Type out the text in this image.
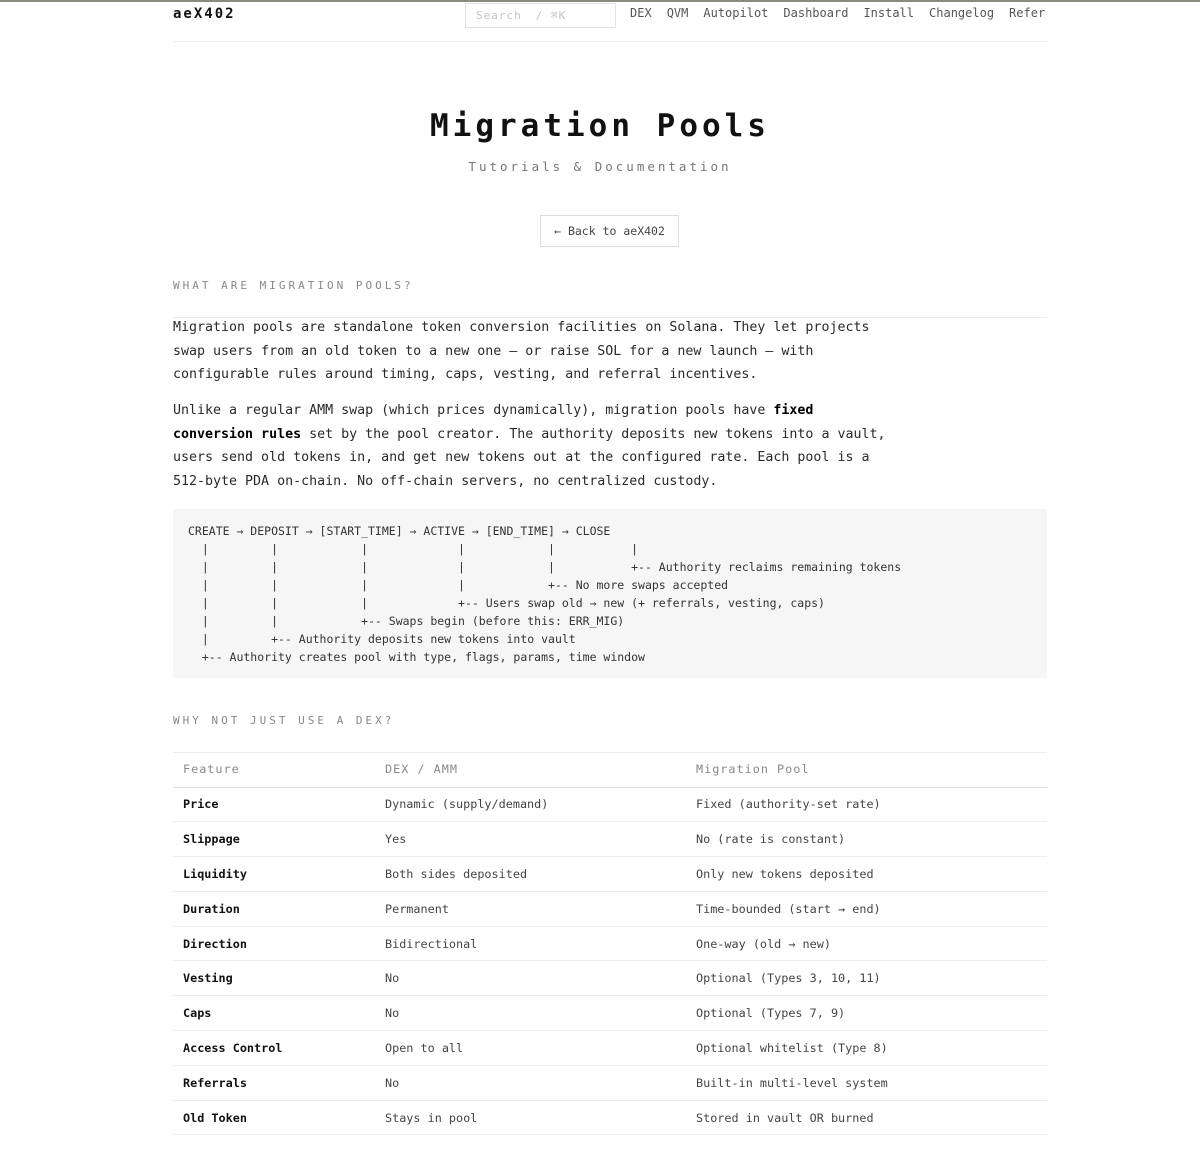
aeX402	Search / ⌘K	DEX QVM Autopilot Dashboard Install Changelog Refer
Migration Pools
Tutorials & Documentation
← Back to aeX402
WHAT ARE MIGRATION POOLS?

Migration pools are standalone token conversion facilities on Solana. They let projects swap users from an old token to a new one — or raise SOL for a new launch — with configurable rules around timing, caps, vesting, and referral incentives.

Unlike a regular AMM swap (which prices dynamically), migration pools have fixed conversion rules set by the pool creator. The authority deposits new tokens into a vault, users send old tokens in, and get new tokens out at the configured rate. Each pool is a 512-byte PDA on-chain. No off-chain servers, no centralized custody.

CREATE → DEPOSIT → [START_TIME] → ACTIVE → [END_TIME] → CLOSE
|         |            |             |            |           |
|         |            |             |            |           +-- Authority reclaims remaining tokens
|         |            |             |            +-- No more swaps accepted
|         |            |             +-- Users swap old → new (+ referrals, vesting, caps)
|         |            +-- Swaps begin (before this: ERR_MIG)
|         +-- Authority deposits new tokens into vault
+-- Authority creates pool with type, flags, params, time window
WHY NOT JUST USE A DEX?
Feature	DEX / AMM	Migration Pool
Price	Dynamic (supply/demand)	Fixed (authority-set rate)
Slippage	Yes	No (rate is constant)
Liquidity	Both sides deposited	Only new tokens deposited
Duration	Permanent	Time-bounded (start → end)
Direction	Bidirectional	One-way (old → new)
Vesting	No	Optional (Types 3, 10, 11)
Caps	No	Optional (Types 7, 9)
Access Control	Open to all	Optional whitelist (Type 8)
Referrals	No	Built-in multi-level system
Old Token	Stays in pool	Stored in vault OR burned
